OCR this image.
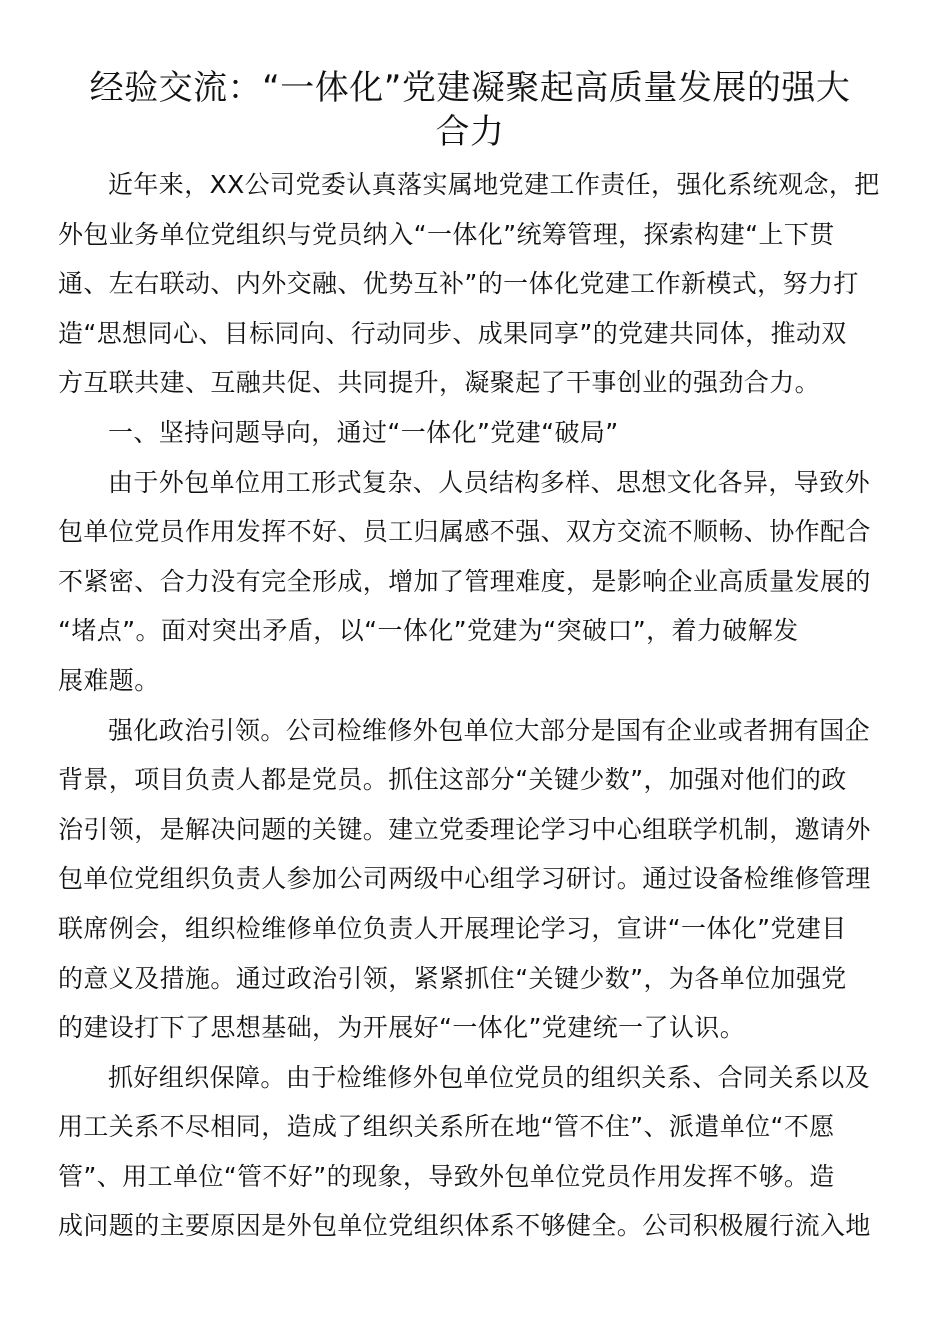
经验交流：“一体化”党建凝聚起高质量发展的强大
合力
近年来，XX公司党委认真落实属地党建工作责任，强化系统观念，把
外包业务单位党组织与党员纳入“一体化”统筹管理，探索构建“上下贯
通、左右联动、内外交融、优势互补”的一体化党建工作新模式，努力打
造“思想同心、目标同向、行动同步、成果同享”的党建共同体，推动双
方互联共建、互融共促、共同提升，凝聚起了干事创业的强劲合力。
一、坚持问题导向，通过“一体化”党建“破局”
由于外包单位用工形式复杂、人员结构多样、思想文化各异，导致外
包单位党员作用发挥不好、员工归属感不强、双方交流不顺畅、协作配合
不紧密、合力没有完全形成，增加了管理难度，是影响企业高质量发展的
“堵点”。面对突出矛盾，以“一体化”党建为“突破口”，着力破解发
展难题。
强化政治引领。公司检维修外包单位大部分是国有企业或者拥有国企
背景，项目负责人都是党员。抓住这部分“关键少数”，加强对他们的政
治引领，是解决问题的关键。建立党委理论学习中心组联学机制，邀请外
包单位党组织负责人参加公司两级中心组学习研讨。通过设备检维修管理
联席例会，组织检维修单位负责人开展理论学习，宣讲“一体化”党建目
的意义及措施。通过政治引领，紧紧抓住“关键少数”，为各单位加强党
的建设打下了思想基础，为开展好“一体化”党建统一了认识。
抓好组织保障。由于检维修外包单位党员的组织关系、合同关系以及
用工关系不尽相同，造成了组织关系所在地“管不住”、派遣单位“不愿
管”、用工单位“管不好”的现象，导致外包单位党员作用发挥不够。造
成问题的主要原因是外包单位党组织体系不够健全。公司积极履行流入地
